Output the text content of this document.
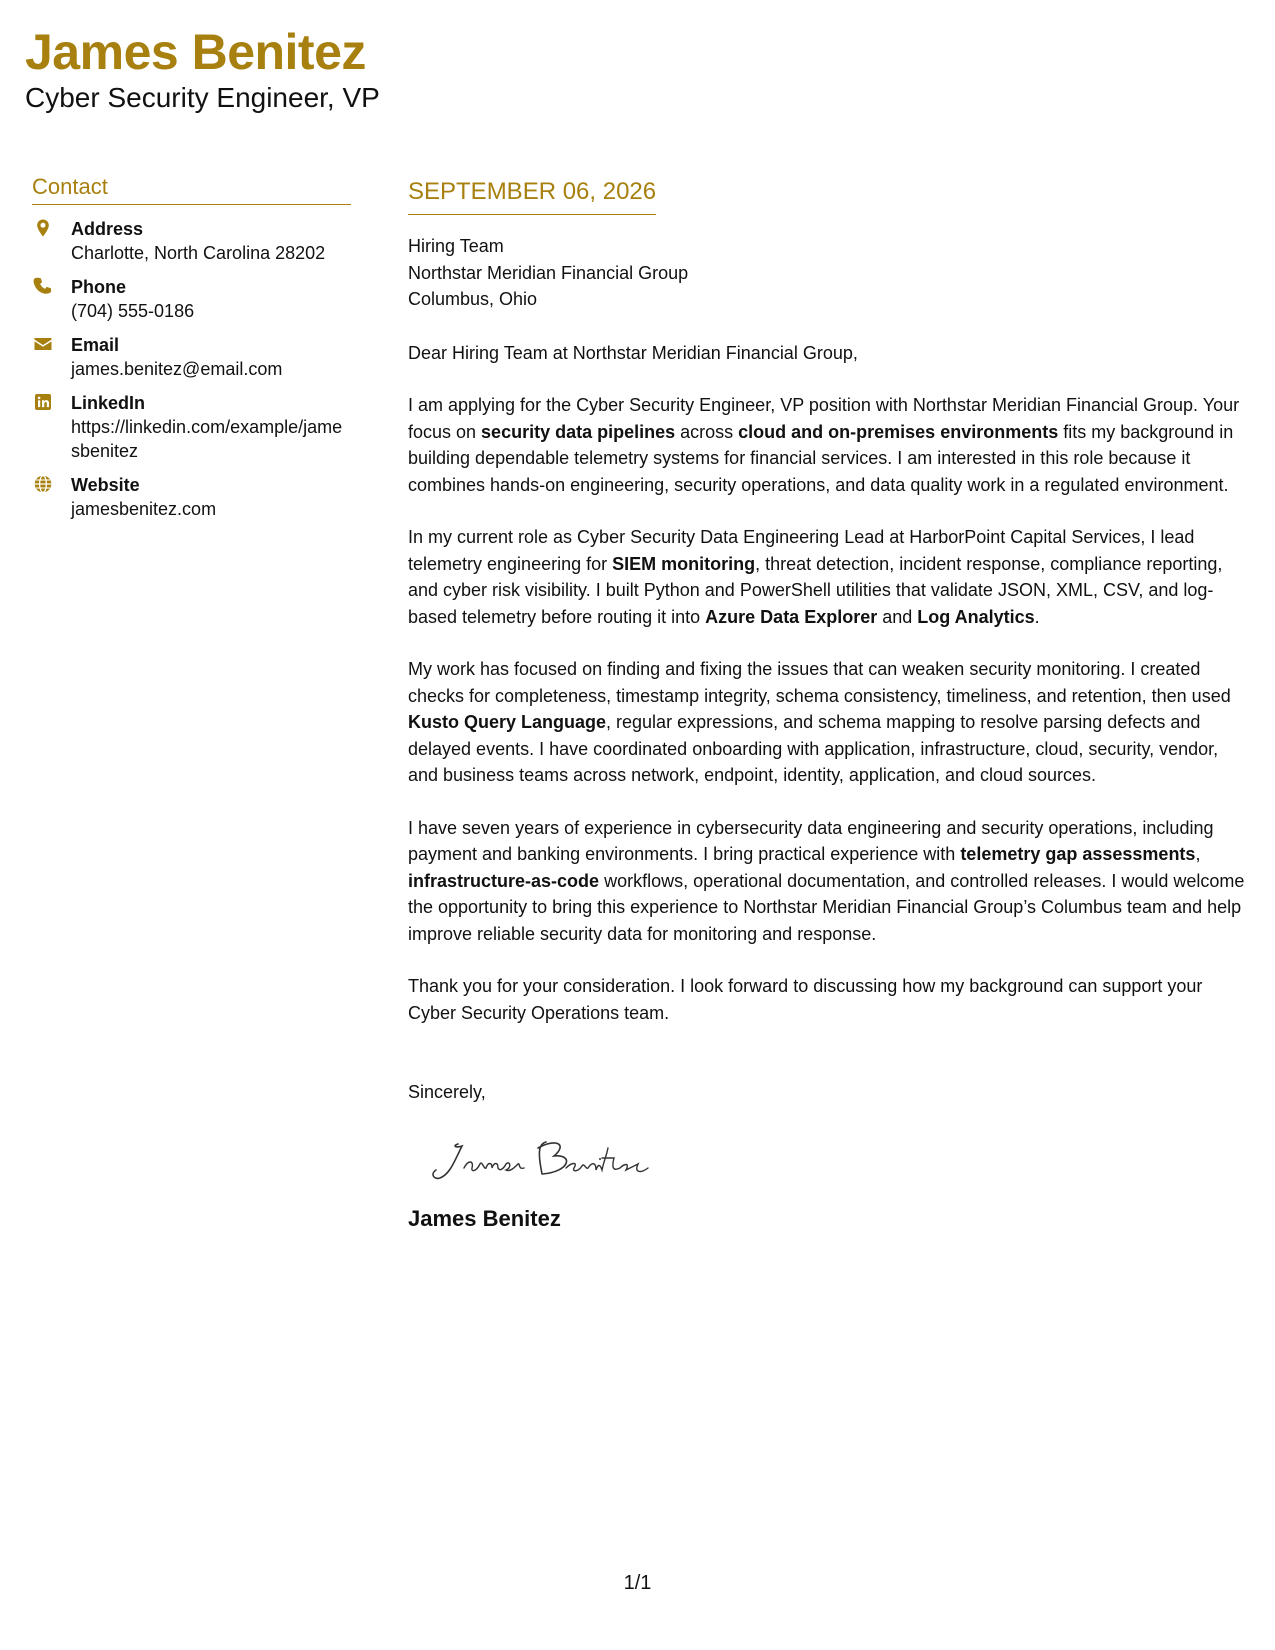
James Benitez
Cyber Security Engineer, VP
Contact
Address
Charlotte, North Carolina 28202
Phone
(704) 555-0186
Email
james.benitez@email.com
LinkedIn
https://linkedin.com/example/jamesbenitez
Website
jamesbenitez.com
SEPTEMBER 06, 2026
Hiring Team
Northstar Meridian Financial Group
Columbus, Ohio
Dear Hiring Team at Northstar Meridian Financial Group,

I am applying for the Cyber Security Engineer, VP position with Northstar Meridian Financial Group. Your focus on security data pipelines across cloud and on-premises environments fits my background in building dependable telemetry systems for financial services. I am interested in this role because it combines hands-on engineering, security operations, and data quality work in a regulated environment.

In my current role as Cyber Security Data Engineering Lead at HarborPoint Capital Services, I lead telemetry engineering for SIEM monitoring, threat detection, incident response, compliance reporting, and cyber risk visibility. I built Python and PowerShell utilities that validate JSON, XML, CSV, and log-based telemetry before routing it into Azure Data Explorer and Log Analytics.

My work has focused on finding and fixing the issues that can weaken security monitoring. I created checks for completeness, timestamp integrity, schema consistency, timeliness, and retention, then used Kusto Query Language, regular expressions, and schema mapping to resolve parsing defects and delayed events. I have coordinated onboarding with application, infrastructure, cloud, security, vendor, and business teams across network, endpoint, identity, application, and cloud sources.

I have seven years of experience in cybersecurity data engineering and security operations, including payment and banking environments. I bring practical experience with telemetry gap assessments, infrastructure-as-code workflows, operational documentation, and controlled releases. I would welcome the opportunity to bring this experience to Northstar Meridian Financial Group’s Columbus team and help improve reliable security data for monitoring and response.

Thank you for your consideration. I look forward to discussing how my background can support your Cyber Security Operations team.

Sincerely,
James Benitez
1/1
